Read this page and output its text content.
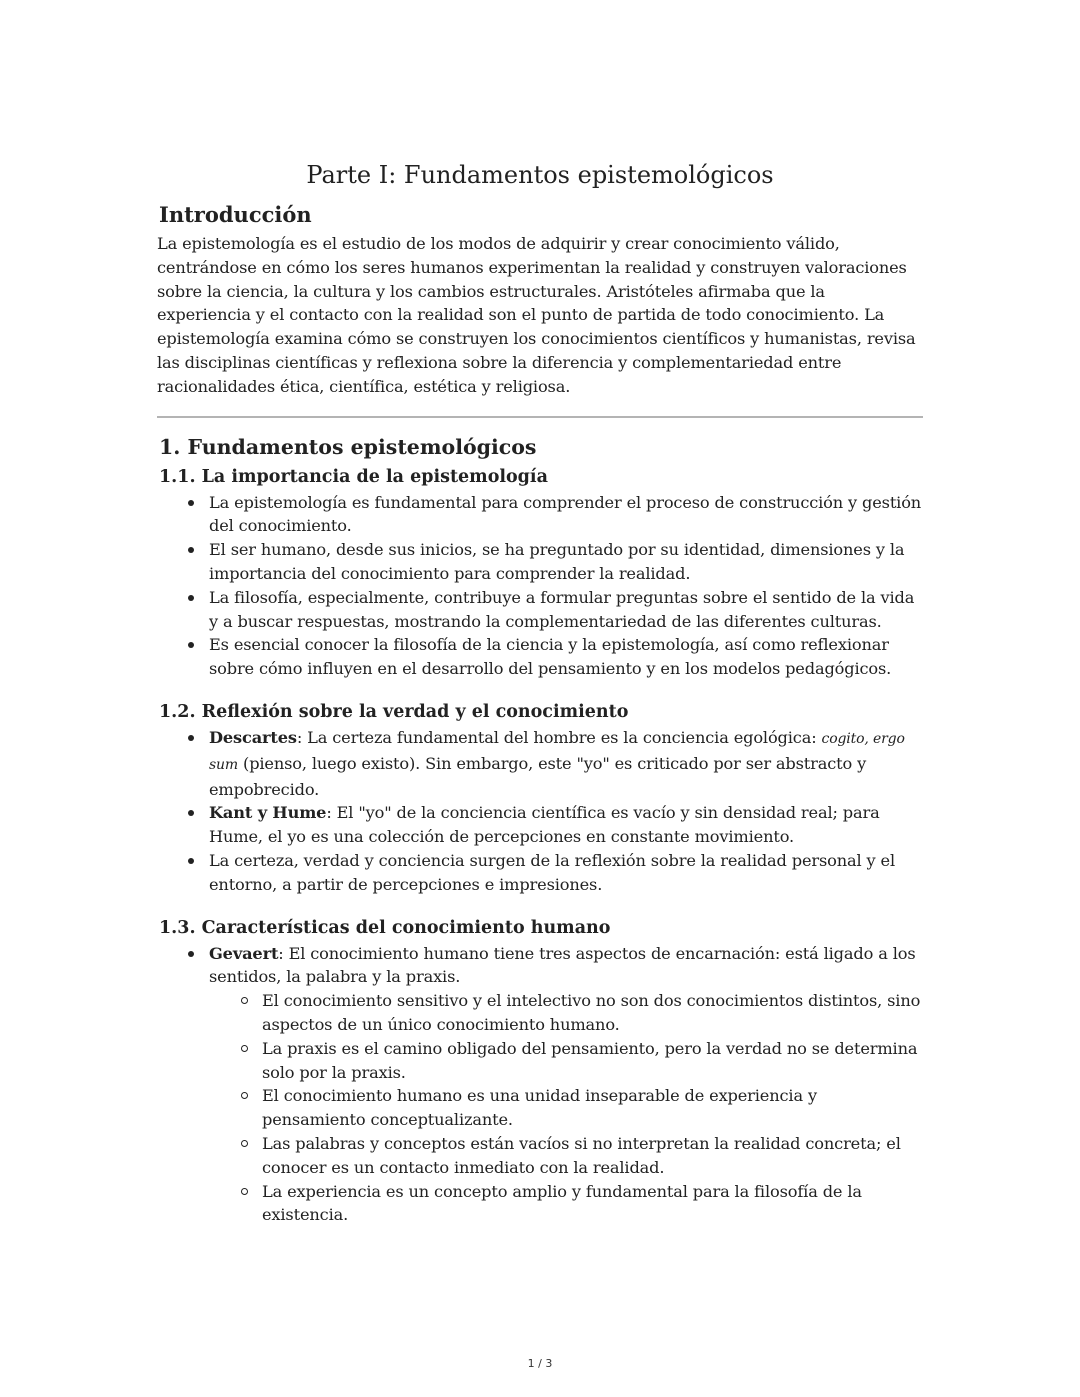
Parte I: Fundamentos epistemológicos
Introducción

La epistemología es el estudio de los modos de adquirir y crear conocimiento válido, centrándose en cómo los seres humanos experimentan la realidad y construyen valoraciones sobre la ciencia, la cultura y los cambios estructurales. Aristóteles afirmaba que la experiencia y el contacto con la realidad son el punto de partida de todo conocimiento. La epistemología examina cómo se construyen los conocimientos científicos y humanistas, revisa las disciplinas científicas y reflexiona sobre la diferencia y complementariedad entre racionalidades ética, científica, estética y religiosa.

1. Fundamentos epistemológicos
1.1. La importancia de la epistemología
La epistemología es fundamental para comprender el proceso de construcción y gestión del conocimiento.
El ser humano, desde sus inicios, se ha preguntado por su identidad, dimensiones y la importancia del conocimiento para comprender la realidad.
La filosofía, especialmente, contribuye a formular preguntas sobre el sentido de la vida y a buscar respuestas, mostrando la complementariedad de las diferentes culturas.
Es esencial conocer la filosofía de la ciencia y la epistemología, así como reflexionar sobre cómo influyen en el desarrollo del pensamiento y en los modelos pedagógicos.
1.2. Reflexión sobre la verdad y el conocimiento
Descartes: La certeza fundamental del hombre es la conciencia egológica: cogito, ergo sum (pienso, luego existo). Sin embargo, este "yo" es criticado por ser abstracto y empobrecido.
Kant y Hume: El "yo" de la conciencia científica es vacío y sin densidad real; para Hume, el yo es una colección de percepciones en constante movimiento.
La certeza, verdad y conciencia surgen de la reflexión sobre la realidad personal y el entorno, a partir de percepciones e impresiones.
1.3. Características del conocimiento humano
Gevaert: El conocimiento humano tiene tres aspectos de encarnación: está ligado a los sentidos, la palabra y la praxis.
El conocimiento sensitivo y el intelectivo no son dos conocimientos distintos, sino aspectos de un único conocimiento humano.
La praxis es el camino obligado del pensamiento, pero la verdad no se determina solo por la praxis.
El conocimiento humano es una unidad inseparable de experiencia y pensamiento conceptualizante.
Las palabras y conceptos están vacíos si no interpretan la realidad concreta; el conocer es un contacto inmediato con la realidad.
La experiencia es un concepto amplio y fundamental para la filosofía de la existencia.
1 / 3
